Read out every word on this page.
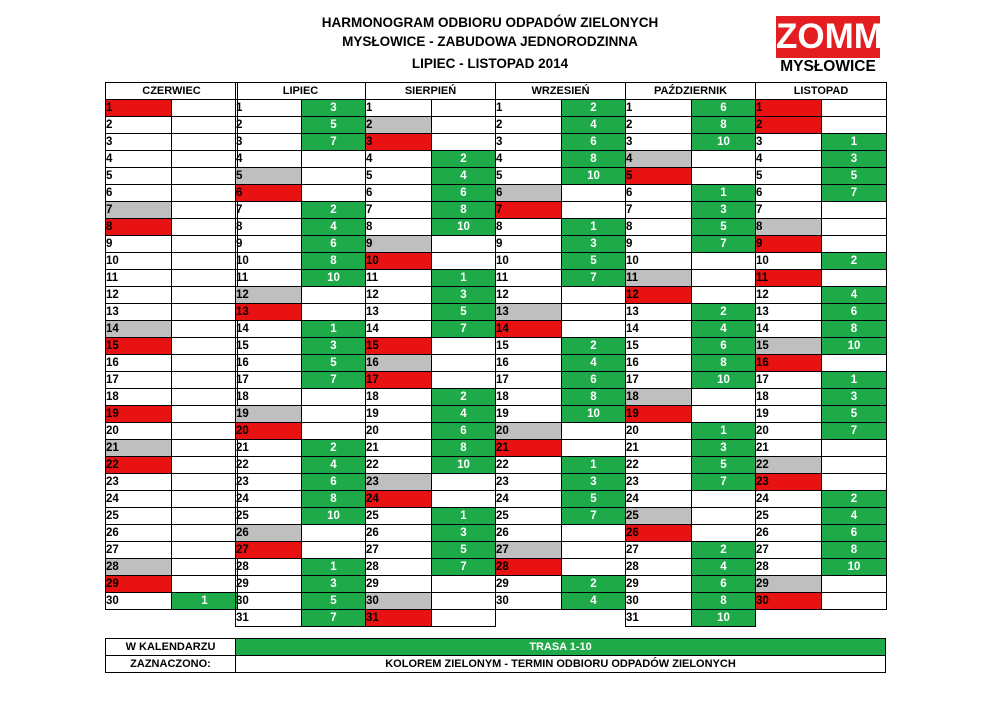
HARMONOGRAM ODBIORU ODPADÓW ZIELONYCH
MYSŁOWICE - ZABUDOWA JEDNORODZINNA
LIPIEC - LISTOPAD 2014
ZOMM
MYSŁOWICE
CZERWIEC	
1	
2	
3	
4	
5	
6	
7	
8	
9	
10	
11	
12	
13	
14	
15	
16	
17	
18	
19	
20	
21	
22	
23	
24	
25	
26	
27	
28	
29	
30	1
LIPIEC	
1	3
2	5
3	7
4	
5	
6	
7	2
8	4
9	6
10	8
11	10
12	
13	
14	1
15	3
16	5
17	7
18	
19	
20	
21	2
22	4
23	6
24	8
25	10
26	
27	
28	1
29	3
30	5
31	7
SIERPIEŃ	
1	
2	
3	
4	2
5	4
6	6
7	8
8	10
9	
10	
11	1
12	3
13	5
14	7
15	
16	
17	
18	2
19	4
20	6
21	8
22	10
23	
24	
25	1
26	3
27	5
28	7
29	
30	
31	
WRZESIEŃ	
1	2
2	4
3	6
4	8
5	10
6	
7	
8	1
9	3
10	5
11	7
12	
13	
14	
15	2
16	4
17	6
18	8
19	10
20	
21	
22	1
23	3
24	5
25	7
26	
27	
28	
29	2
30	4
PAŹDZIERNIK	
1	6
2	8
3	10
4	
5	
6	1
7	3
8	5
9	7
10	
11	
12	
13	2
14	4
15	6
16	8
17	10
18	
19	
20	1
21	3
22	5
23	7
24	
25	
26	
27	2
28	4
29	6
30	8
31	10
LISTOPAD	
1	
2	
3	1
4	3
5	5
6	7
7	
8	
9	
10	2
11	
12	4
13	6
14	8
15	10
16	
17	1
18	3
19	5
20	7
21	
22	
23	
24	2
25	4
26	6
27	8
28	10
29	
30	
W KALENDARZU	TRASA 1-10
ZAZNACZONO:	KOLOREM ZIELONYM - TERMIN ODBIORU ODPADÓW ZIELONYCH
